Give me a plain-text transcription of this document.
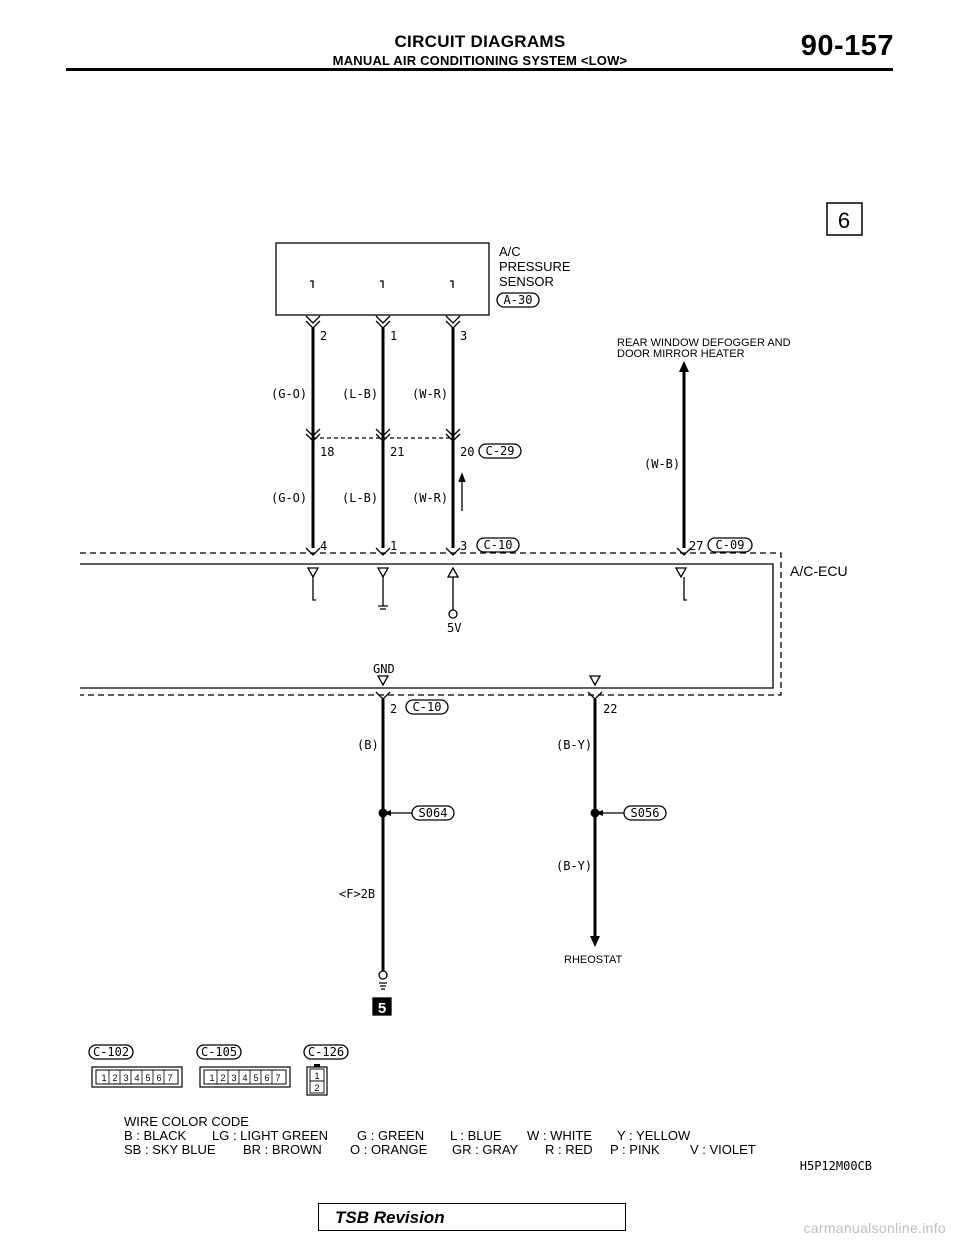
CIRCUIT DIAGRAMS
MANUAL AIR CONDITIONING SYSTEM <LOW>	90-157
6
5
A/C
PRESSURE
SENSOR
A-30
2	1	3
(G-O)	(L-B)	(W-R)
18	21	20 C-29
(G-O)	(L-B)	(W-R)
4	1	3 C-10
(W-B)
27 C-09
5V
GND
2 C-10	22
(B)	(B-Y)
S064	S056
(B-Y)
<F>2B
H5P12M00CB
REAR WINDOW DEFOGGER AND
DOOR MIRROR HEATER
RHEOSTAT
A/C-ECU
C-102
1 2 3 4 5 6 7
C-105
1 2 3 4 5 6 7
C-126
1
2
WIRE COLOR CODE
B : BLACK LG : LIGHT GREEN G : GREEN L : BLUE W : WHITE Y : YELLOW
SB : SKY BLUE BR : BROWN O : ORANGE GR : GRAY R : RED P : PINK V : VIOLET
TSB Revision
carmanualsonline.info
